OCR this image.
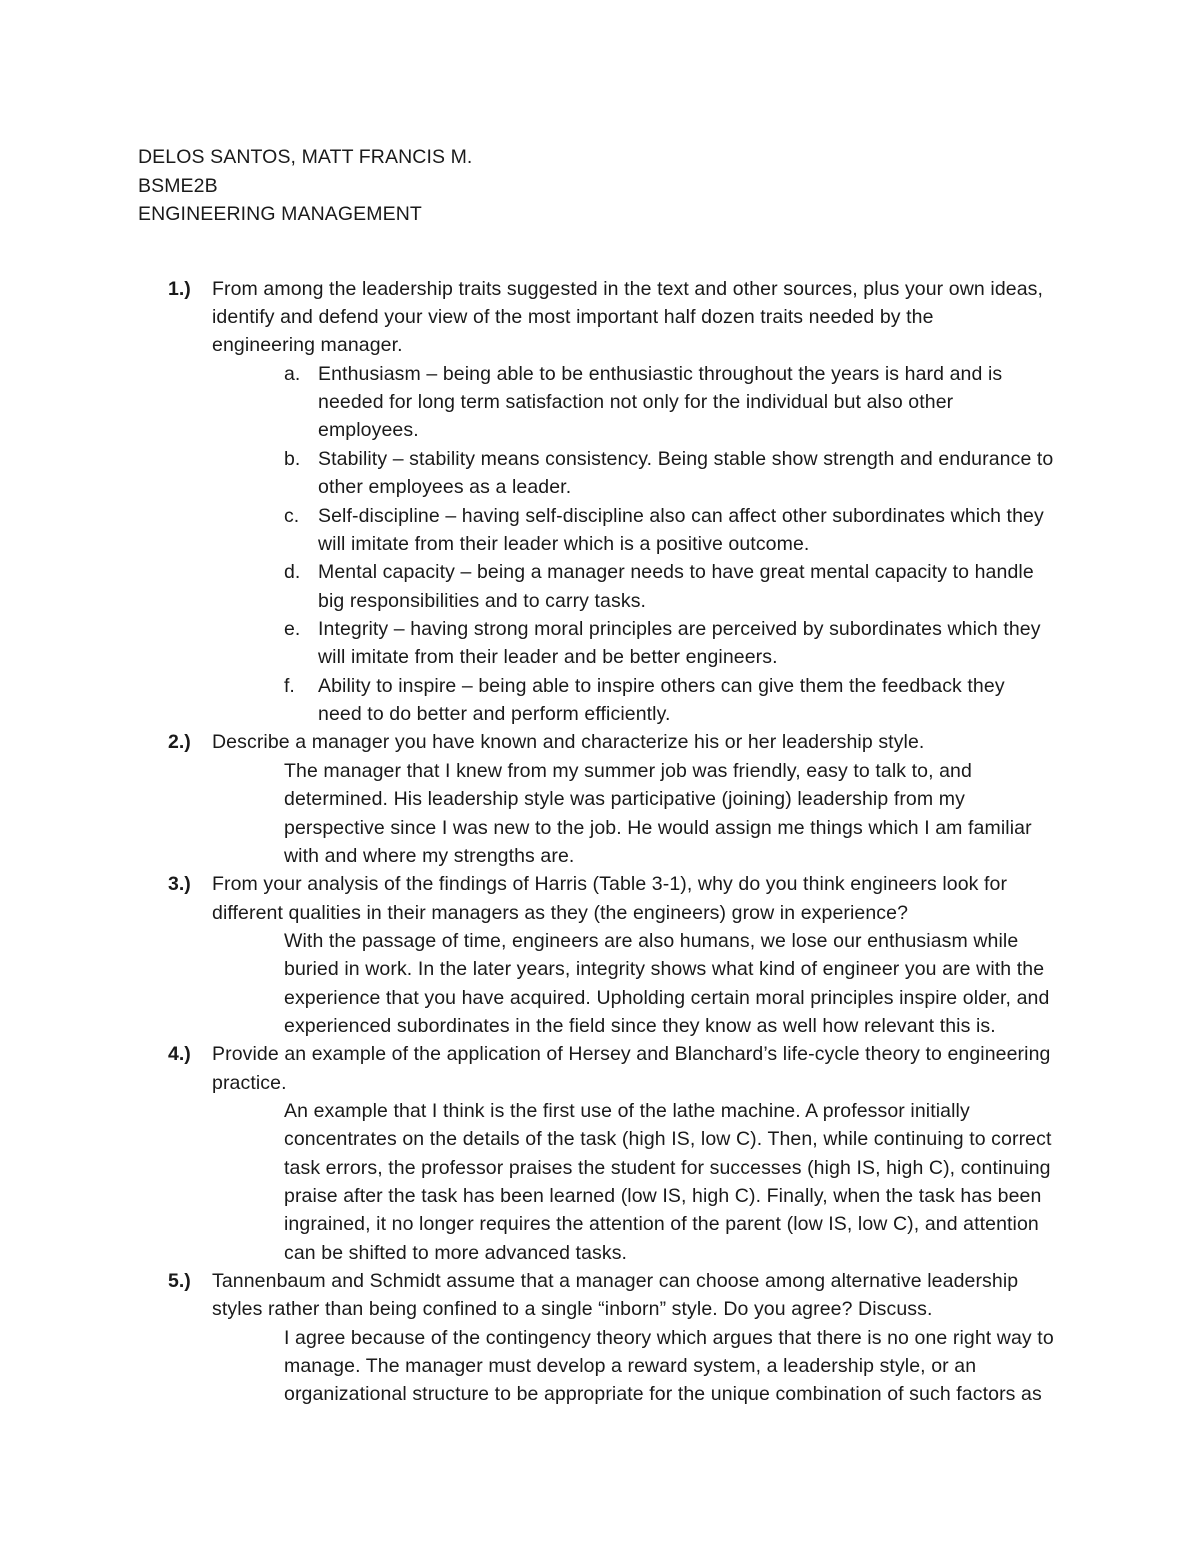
DELOS SANTOS, MATT FRANCIS M.
BSME2B
ENGINEERING MANAGEMENT
1.) From among the leadership traits suggested in the text and other sources, plus your own ideas,
identify and defend your view of the most important half dozen traits needed by the
engineering manager.
a. Enthusiasm – being able to be enthusiastic throughout the years is hard and is
needed for long term satisfaction not only for the individual but also other
employees.
b. Stability – stability means consistency. Being stable show strength and endurance to
other employees as a leader.
c. Self-discipline – having self-discipline also can affect other subordinates which they
will imitate from their leader which is a positive outcome.
d. Mental capacity – being a manager needs to have great mental capacity to handle
big responsibilities and to carry tasks.
e. Integrity – having strong moral principles are perceived by subordinates which they
will imitate from their leader and be better engineers.
f. Ability to inspire – being able to inspire others can give them the feedback they
need to do better and perform efficiently.
2.) Describe a manager you have known and characterize his or her leadership style.
The manager that I knew from my summer job was friendly, easy to talk to, and
determined. His leadership style was participative (joining) leadership from my
perspective since I was new to the job. He would assign me things which I am familiar
with and where my strengths are.
3.) From your analysis of the findings of Harris (Table 3-1), why do you think engineers look for
different qualities in their managers as they (the engineers) grow in experience?
With the passage of time, engineers are also humans, we lose our enthusiasm while
buried in work. In the later years, integrity shows what kind of engineer you are with the
experience that you have acquired. Upholding certain moral principles inspire older, and
experienced subordinates in the field since they know as well how relevant this is.
4.) Provide an example of the application of Hersey and Blanchard’s life-cycle theory to engineering
practice.
An example that I think is the first use of the lathe machine. A professor initially
concentrates on the details of the task (high IS, low C). Then, while continuing to correct
task errors, the professor praises the student for successes (high IS, high C), continuing
praise after the task has been learned (low IS, high C). Finally, when the task has been
ingrained, it no longer requires the attention of the parent (low IS, low C), and attention
can be shifted to more advanced tasks.
5.) Tannenbaum and Schmidt assume that a manager can choose among alternative leadership
styles rather than being confined to a single “inborn” style. Do you agree? Discuss.
I agree because of the contingency theory which argues that there is no one right way to
manage. The manager must develop a reward system, a leadership style, or an
organizational structure to be appropriate for the unique combination of such factors as
